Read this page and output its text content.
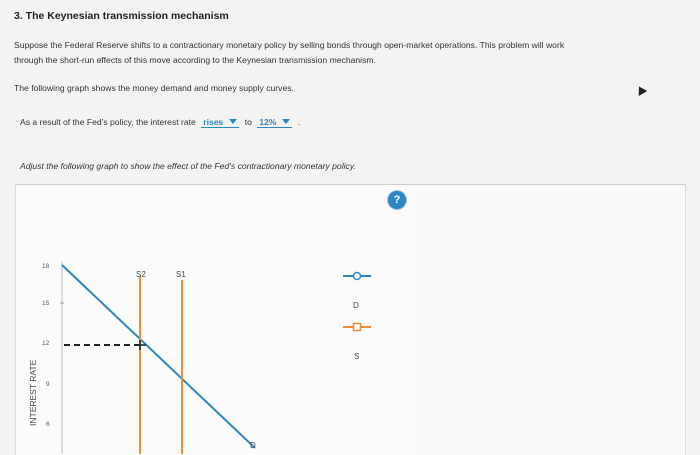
3. The Keynesian transmission mechanism
Suppose the Federal Reserve shifts to a contractionary monetary policy by selling bonds through open-market operations. This problem will work
through the short-run effects of this move according to the Keynesian transmission mechanism.
The following graph shows the money demand and money supply curves.
As a result of the Fed's policy, the interest rate rises to 12% .
Adjust the following graph to show the effect of the Fed's contractionary monetary policy.
?
INTEREST RATE
18
15
12
9
6
S2	S1
D
D
S
